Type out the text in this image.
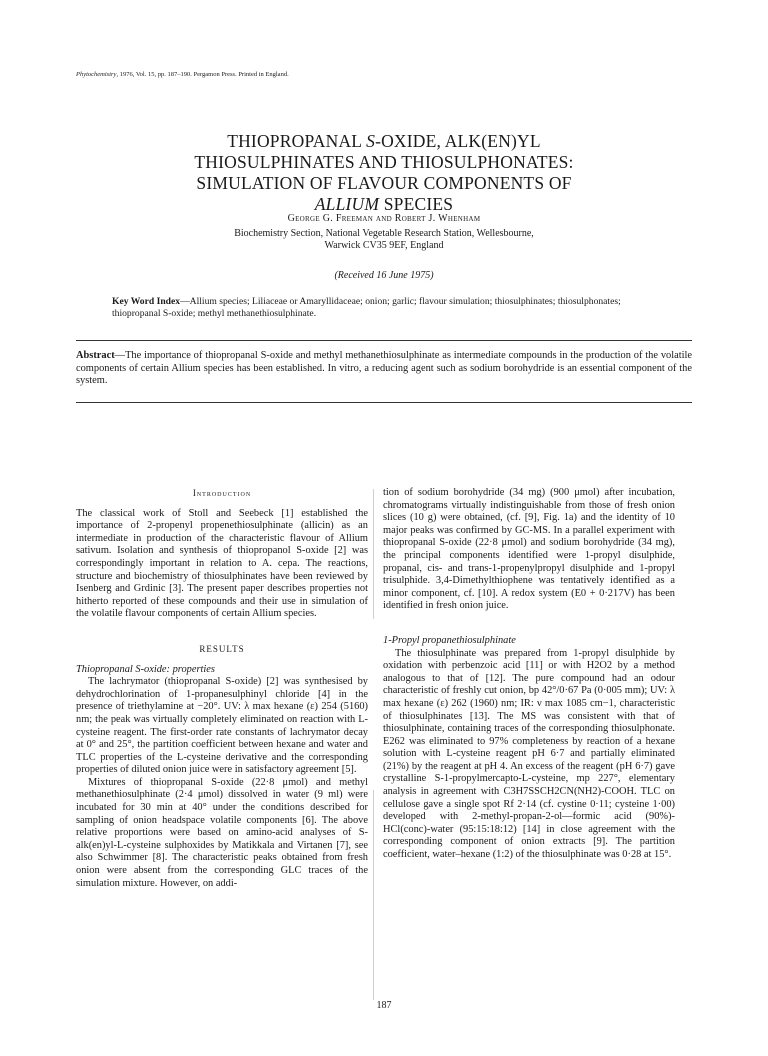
Phytochemistry, 1976, Vol. 15, pp. 187–190. Pergamon Press. Printed in England.
THIOPROPANAL S-OXIDE, ALK(EN)YL
THIOSULPHINATES AND THIOSULPHONATES:
SIMULATION OF FLAVOUR COMPONENTS OF
ALLIUM SPECIES
George G. Freeman and Robert J. Whenham
Biochemistry Section, National Vegetable Research Station, Wellesbourne,
Warwick CV35 9EF, England
(Received 16 June 1975)
Key Word Index—Allium species; Liliaceae or Amaryllidaceae; onion; garlic; flavour simulation; thiosulphinates; thiosulphonates; thiopropanal S-oxide; methyl methanethiosulphinate.
Abstract—The importance of thiopropanal S-oxide and methyl methanethiosulphinate as intermediate compounds in the production of the volatile components of certain Allium species has been established. In vitro, a reducing agent such as sodium borohydride is an essential component of the system.
Introduction

The classical work of Stoll and Seebeck [1] established the importance of 2-propenyl propenethiosulphinate (allicin) as an intermediate in production of the characteristic flavour of Allium sativum. Isolation and synthesis of thiopropanol S-oxide [2] was correspondingly important in relation to A. cepa. The reactions, structure and biochemistry of thiosulphinates have been reviewed by Isenberg and Grdinic [3]. The present paper describes properties not hitherto reported of these compounds and their use in simulation of the volatile flavour components of certain Allium species.

RESULTS

Thiopropanal S-oxide: properties

The lachrymator (thiopropanal S-oxide) [2] was synthesised by dehydrochlorination of 1-propanesulphinyl chloride [4] in the presence of triethylamine at −20°. UV: λ max hexane (ε) 254 (5160) nm; the peak was virtually completely eliminated on reaction with L-cysteine reagent. The first-order rate constants of lachrymator decay at 0° and 25°, the partition coefficient between hexane and water and TLC properties of the L-cysteine derivative and the corresponding properties of diluted onion juice were in satisfactory agreement [5].

Mixtures of thiopropanal S-oxide (22·8 μmol) and methyl methanethiosulphinate (2·4 μmol) dissolved in water (9 ml) were incubated for 30 min at 40° under the conditions described for sampling of onion headspace volatile components [6]. The above relative proportions were based on amino-acid analyses of S-alk(en)yl-L-cysteine sulphoxides by Matikkala and Virtanen [7], see also Schwimmer [8]. The characteristic peaks obtained from fresh onion were absent from the corresponding GLC traces of the simulation mixture. However, on addi-

tion of sodium borohydride (34 mg) (900 μmol) after incubation, chromatograms virtually indistinguishable from those of fresh onion slices (10 g) were obtained, (cf. [9], Fig. 1a) and the identity of 10 major peaks was confirmed by GC-MS. In a parallel experiment with thiopropanal S-oxide (22·8 μmol) and sodium borohydride (34 mg), the principal components identified were 1-propyl disulphide, propanal, cis- and trans-1-propenylpropyl disulphide and 1-propyl trisulphide. 3,4-Dimethylthiophene was tentatively identified as a minor component, cf. [10]. A redox system (E0 + 0·217V) has been identified in fresh onion juice.

1-Propyl propanethiosulphinate

The thiosulphinate was prepared from 1-propyl disulphide by oxidation with perbenzoic acid [11] or with H2O2 by a method analogous to that of [12]. The pure compound had an odour characteristic of freshly cut onion, bp 42°/0·67 Pa (0·005 mm); UV: λ max hexane (ε) 262 (1960) nm; IR: ν max 1085 cm−1, characteristic of thiosulphinates [13]. The MS was consistent with that of thiosulphinate, containing traces of the corresponding thiosulphonate. E262 was eliminated to 97% completeness by reaction of a hexane solution with L-cysteine reagent pH 6·7 and partially eliminated (21%) by the reagent at pH 4. An excess of the reagent (pH 6·7) gave crystalline S-1-propylmercapto-L-cysteine, mp 227°, elementary analysis in agreement with C3H7SSCH2CN(NH2)-COOH. TLC on cellulose gave a single spot Rf 2·14 (cf. cystine 0·11; cysteine 1·00) developed with 2-methyl-propan-2-ol—formic acid (90%)-HCl(conc)-water (95:15:18:12) [14] in close agreement with the corresponding component of onion extracts [9]. The partition coefficient, water–hexane (1:2) of the thiosulphinate was 0·28 at 15°.

187
